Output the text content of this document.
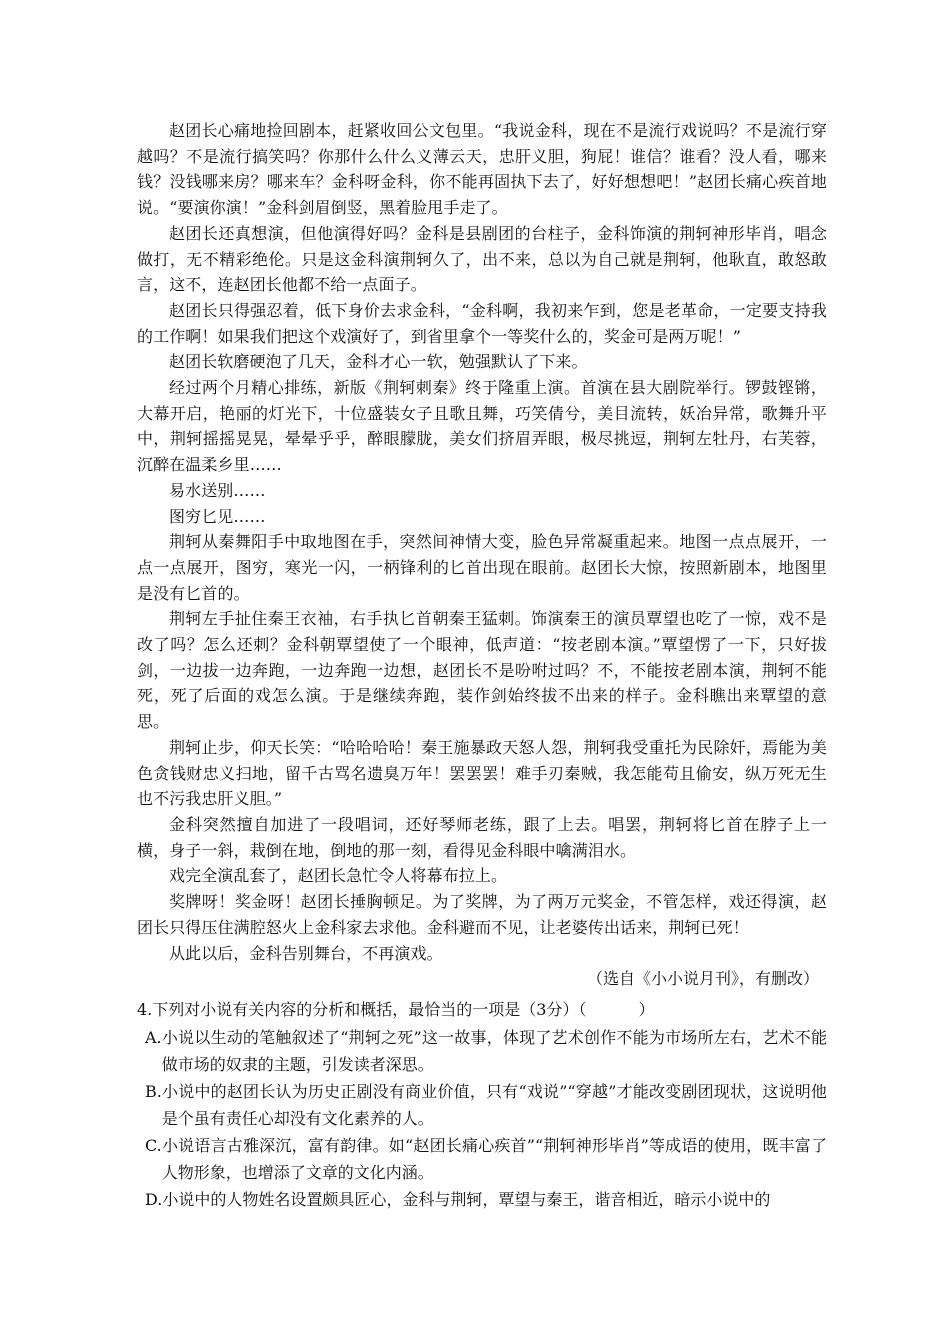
赵团长心痛地捡回剧本，赶紧收回公文包里。“我说金科，现在不是流行戏说吗？不是流行穿越吗？不是流行搞笑吗？你那什么什么义薄云天，忠肝义胆，狗屁！谁信？谁看？没人看，哪来钱？没钱哪来房？哪来车？金科呀金科，你不能再固执下去了，好好想想吧！”赵团长痛心疾首地说。“要演你演！”金科剑眉倒竖，黑着脸甩手走了。

赵团长还真想演，但他演得好吗？金科是县剧团的台柱子，金科饰演的荆轲神形毕肖，唱念做打，无不精彩绝伦。只是这金科演荆轲久了，出不来，总以为自己就是荆轲，他耿直，敢怒敢言，这不，连赵团长他都不给一点面子。

赵团长只得强忍着，低下身价去求金科，“金科啊，我初来乍到，您是老革命，一定要支持我的工作啊！如果我们把这个戏演好了，到省里拿个一等奖什么的，奖金可是两万呢！”

赵团长软磨硬泡了几天，金科才心一软，勉强默认了下来。

经过两个月精心排练，新版《荆轲刺秦》终于隆重上演。首演在县大剧院举行。锣鼓铿锵，大幕开启，艳丽的灯光下，十位盛装女子且歌且舞，巧笑倩兮，美目流转，妖冶异常，歌舞升平中，荆轲摇摇晃晃，晕晕乎乎，醉眼朦胧，美女们挤眉弄眼，极尽挑逗，荆轲左牡丹，右芙蓉，沉醉在温柔乡里……

易水送别……

图穷匕见……

荆轲从秦舞阳手中取地图在手，突然间神情大变，脸色异常凝重起来。地图一点点展开，一点一点展开，图穷，寒光一闪，一柄锋利的匕首出现在眼前。赵团长大惊，按照新剧本，地图里是没有匕首的。

荆轲左手扯住秦王衣袖，右手执匕首朝秦王猛刺。饰演秦王的演员覃望也吃了一惊，戏不是改了吗？怎么还刺？金科朝覃望使了一个眼神，低声道：“按老剧本演。”覃望愣了一下，只好拔剑，一边拔一边奔跑，一边奔跑一边想，赵团长不是吩咐过吗？不，不能按老剧本演，荆轲不能死，死了后面的戏怎么演。于是继续奔跑，装作剑始终拔不出来的样子。金科瞧出来覃望的意思。

荆轲止步，仰天长笑：“哈哈哈哈！秦王施暴政天怒人怨，荆轲我受重托为民除奸，焉能为美色贪钱财忠义扫地，留千古骂名遗臭万年！罢罢罢！难手刃秦贼，我怎能苟且偷安，纵万死无生也不污我忠肝义胆。”

金科突然擅自加进了一段唱词，还好琴师老练，跟了上去。唱罢，荆轲将匕首在脖子上一横，身子一斜，栽倒在地，倒地的那一刻，看得见金科眼中噙满泪水。

戏完全演乱套了，赵团长急忙令人将幕布拉上。

奖牌呀！奖金呀！赵团长捶胸顿足。为了奖牌，为了两万元奖金，不管怎样，戏还得演，赵团长只得压住满腔怒火上金科家去求他。金科避而不见，让老婆传出话来，荆轲已死！

从此以后，金科告别舞台，不再演戏。

（选自《小小说月刊》，有删改）

4.下列对小说有关内容的分析和概括，最恰当的一项是（3分）（	）

A.小说以生动的笔触叙述了“荆轲之死”这一故事，体现了艺术创作不能为市场所左右，艺术不能做市场的奴隶的主题，引发读者深思。

B.小说中的赵团长认为历史正剧没有商业价值，只有“戏说”“穿越”才能改变剧团现状，这说明他是个虽有责任心却没有文化素养的人。

C.小说语言古雅深沉，富有韵律。如“赵团长痛心疾首”“荆轲神形毕肖”等成语的使用，既丰富了人物形象，也增添了文章的文化内涵。

D.小说中的人物姓名设置颇具匠心，金科与荆轲，覃望与秦王，谐音相近，暗示小说中的
